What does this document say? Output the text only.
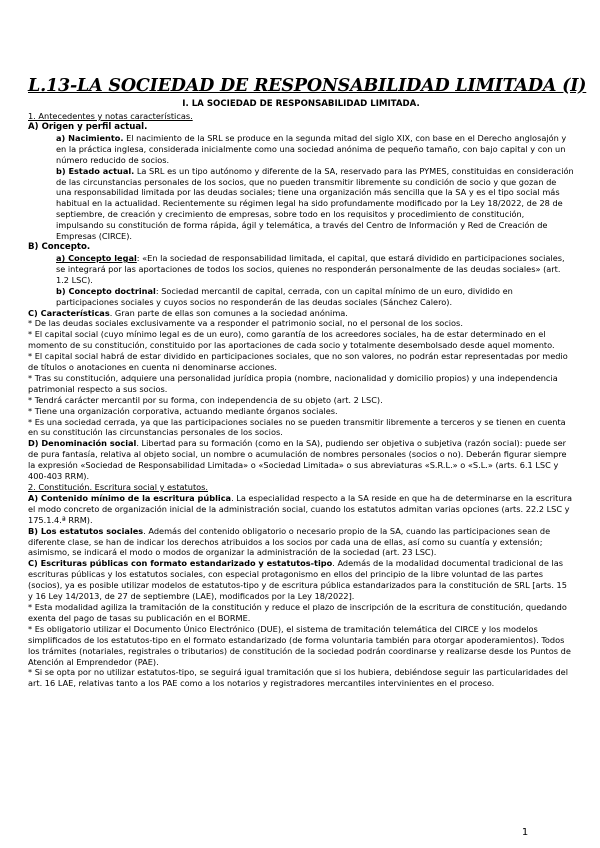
L.13-LA SOCIEDAD DE RESPONSABILIDAD LIMITADA (I)
I. LA SOCIEDAD DE RESPONSABILIDAD LIMITADA.
1. Antecedentes y notas características.
A) Origen y perfil actual.
a) Nacimiento. El nacimiento de la SRL se produce en la segunda mitad del siglo XIX, con base en el Derecho anglosajón y en la práctica inglesa, considerada inicialmente como una sociedad anónima de pequeño tamaño, con bajo capital y con un número reducido de socios.
b) Estado actual. La SRL es un tipo autónomo y diferente de la SA, reservado para las PYMES, constituidas en consideración de las circunstancias personales de los socios, que no pueden transmitir libremente su condición de socio y que gozan de una responsabilidad limitada por las deudas sociales; tiene una organización más sencilla que la SA y es el tipo social más habitual en la actualidad. Recientemente su régimen legal ha sido profundamente modificado por la Ley 18/2022, de 28 de septiembre, de creación y crecimiento de empresas, sobre todo en los requisitos y procedimiento de constitución, impulsando su constitución de forma rápida, ágil y telemática, a través del Centro de Información y Red de Creación de Empresas (CIRCE).
B) Concepto.
a) Concepto legal: «En la sociedad de responsabilidad limitada, el capital, que estará dividido en participaciones sociales, se integrará por las aportaciones de todos los socios, quienes no responderán personalmente de las deudas sociales» (art. 1.2 LSC).
b) Concepto doctrinal: Sociedad mercantil de capital, cerrada, con un capital mínimo de un euro, dividido en participaciones sociales y cuyos socios no responderán de las deudas sociales (Sánchez Calero).
C) Características. Gran parte de ellas son comunes a la sociedad anónima.
* De las deudas sociales exclusivamente va a responder el patrimonio social, no el personal de los socios.
* El capital social (cuyo mínimo legal es de un euro), como garantía de los acreedores sociales, ha de estar determinado en el momento de su constitución, constituido por las aportaciones de cada socio y totalmente desembolsado desde aquel momento.
* El capital social habrá de estar dividido en participaciones sociales, que no son valores, no podrán estar representadas por medio de títulos o anotaciones en cuenta ni denominarse acciones.
* Tras su constitución, adquiere una personalidad jurídica propia (nombre, nacionalidad y domicilio propios) y una independencia patrimonial respecto a sus socios.
* Tendrá carácter mercantil por su forma, con independencia de su objeto (art. 2 LSC).
* Tiene una organización corporativa, actuando mediante órganos sociales.
* Es una sociedad cerrada, ya que las participaciones sociales no se pueden transmitir libremente a terceros y se tienen en cuenta en su constitución las circunstancias personales de los socios.
D) Denominación social. Libertad para su formación (como en la SA), pudiendo ser objetiva o subjetiva (razón social): puede ser de pura fantasía, relativa al objeto social, un nombre o acumulación de nombres personales (socios o no). Deberán figurar siempre la expresión «Sociedad de Responsabilidad Limitada» o «Sociedad Limitada» o sus abreviaturas «S.R.L.» o «S.L.» (arts. 6.1 LSC y 400-403 RRM).
2. Constitución. Escritura social y estatutos.
A) Contenido mínimo de la escritura pública. La especialidad respecto a la SA reside en que ha de determinarse en la escritura el modo concreto de organización inicial de la administración social, cuando los estatutos admitan varias opciones (arts. 22.2 LSC y 175.1.4.ª RRM).
B) Los estatutos sociales. Además del contenido obligatorio o necesario propio de la SA, cuando las participaciones sean de diferente clase, se han de indicar los derechos atribuidos a los socios por cada una de ellas, así como su cuantía y extensión; asimismo, se indicará el modo o modos de organizar la administración de la sociedad (art. 23 LSC).
C) Escrituras públicas con formato estandarizado y estatutos-tipo. Además de la modalidad documental tradicional de las escrituras públicas y los estatutos sociales, con especial protagonismo en ellos del principio de la libre voluntad de las partes (socios), ya es posible utilizar modelos de estatutos-tipo y de escritura pública estandarizados para la constitución de SRL [arts. 15 y 16 Ley 14/2013, de 27 de septiembre (LAE), modificados por la Ley 18/2022].
* Esta modalidad agiliza la tramitación de la constitución y reduce el plazo de inscripción de la escritura de constitución, quedando exenta del pago de tasas su publicación en el BORME.
* Es obligatorio utilizar el Documento Único Electrónico (DUE), el sistema de tramitación telemática del CIRCE y los modelos simplificados de los estatutos-tipo en el formato estandarizado (de forma voluntaria también para otorgar apoderamientos). Todos los trámites (notariales, registrales o tributarios) de constitución de la sociedad podrán coordinarse y realizarse desde los Puntos de Atención al Emprendedor (PAE).
* Si se opta por no utilizar estatutos-tipo, se seguirá igual tramitación que si los hubiera, debiéndose seguir las particularidades del art. 16 LAE, relativas tanto a los PAE como a los notarios y registradores mercantiles intervinientes en el proceso.
1
